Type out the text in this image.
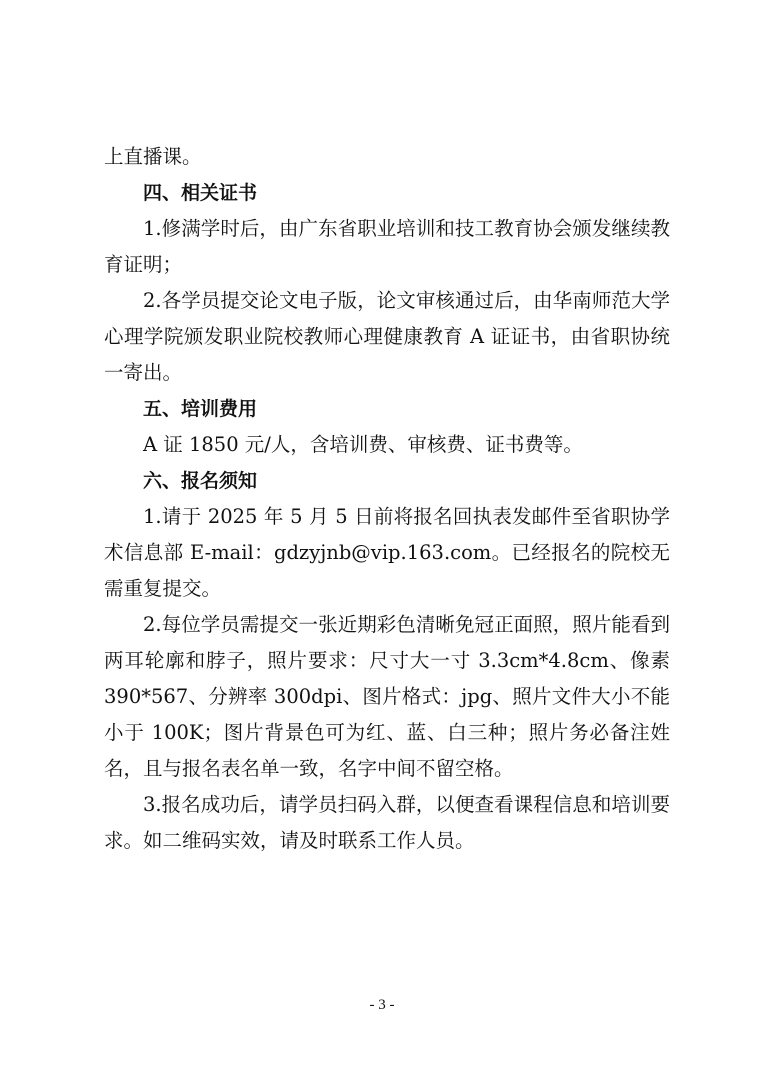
上直播课。

四、相关证书

1.修满学时后，由广东省职业培训和技工教育协会颁发继续教育证明；

2.各学员提交论文电子版，论文审核通过后，由华南师范大学心理学院颁发职业院校教师心理健康教育 A 证证书，由省职协统一寄出。

五、培训费用

A 证 1850 元/人，含培训费、审核费、证书费等。

六、报名须知

1.请于 2025 年 5 月 5 日前将报名回执表发邮件至省职协学术信息部 E-mail：gdzyjnb@vip.163.com。已经报名的院校无需重复提交。

2.每位学员需提交一张近期彩色清晰免冠正面照，照片能看到两耳轮廓和脖子，照片要求：尺寸大一寸 3.3cm*4.8cm、像素 390*567、分辨率 300dpi、图片格式：jpg、照片文件大小不能小于 100K；图片背景色可为红、蓝、白三种；照片务必备注姓名，且与报名表名单一致，名字中间不留空格。

3.报名成功后，请学员扫码入群，以便查看课程信息和培训要求。如二维码实效，请及时联系工作人员。

- 3 -
